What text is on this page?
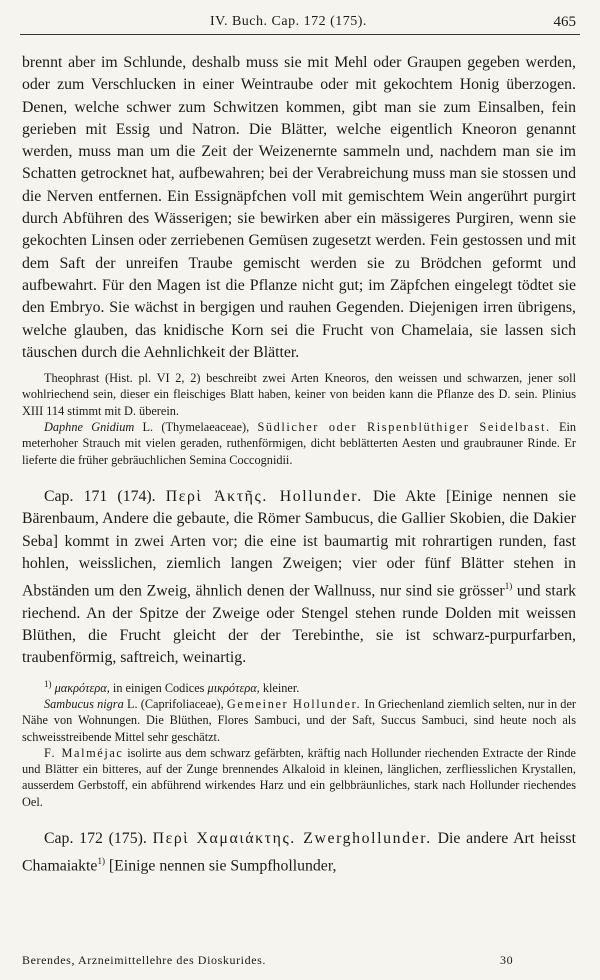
IV. Buch. Cap. 172 (175).	465

brennt aber im Schlunde, deshalb muss sie mit Mehl oder Graupen gegeben werden, oder zum Verschlucken in einer Weintraube oder mit gekochtem Honig überzogen. Denen, welche schwer zum Schwitzen kommen, gibt man sie zum Einsalben, fein gerieben mit Essig und Natron. Die Blätter, welche eigentlich Kneoron genannt werden, muss man um die Zeit der Weizenernte sammeln und, nachdem man sie im Schatten getrocknet hat, aufbewahren; bei der Verabreichung muss man sie stossen und die Nerven entfernen. Ein Essignäpfchen voll mit gemischtem Wein angerührt purgirt durch Abführen des Wässerigen; sie bewirken aber ein mässigeres Purgiren, wenn sie gekochten Linsen oder zerriebenen Gemüsen zugesetzt werden. Fein gestossen und mit dem Saft der unreifen Traube gemischt werden sie zu Brödchen geformt und aufbewahrt. Für den Magen ist die Pflanze nicht gut; im Zäpfchen eingelegt tödtet sie den Embryo. Sie wächst in bergigen und rauhen Gegenden. Diejenigen irren übrigens, welche glauben, das knidische Korn sei die Frucht von Chamelaia, sie lassen sich täuschen durch die Aehnlichkeit der Blätter.

Theophrast (Hist. pl. VI 2, 2) beschreibt zwei Arten Kneoros, den weissen und schwarzen, jener soll wohlriechend sein, dieser ein fleischiges Blatt haben, keiner von beiden kann die Pflanze des D. sein. Plinius XIII 114 stimmt mit D. überein.

Daphne Gnidium L. (Thymelaeaceae), Südlicher oder Rispenblüthiger Seidelbast. Ein meterhoher Strauch mit vielen geraden, ruthenförmigen, dicht beblätterten Aesten und graubrauner Rinde. Er lieferte die früher gebräuchlichen Semina Coccognidii.

Cap. 171 (174). Περὶ Ἀκτῆς. Hollunder. Die Akte [Einige nennen sie Bärenbaum, Andere die gebaute, die Römer Sambucus, die Gallier Skobien, die Dakier Seba] kommt in zwei Arten vor; die eine ist baumartig mit rohrartigen runden, fast hohlen, weisslichen, ziemlich langen Zweigen; vier oder fünf Blätter stehen in Abständen um den Zweig, ähnlich denen der Wallnuss, nur sind sie grösser$^{1)}$ und stark riechend. An der Spitze der Zweige oder Stengel stehen runde Dolden mit weissen Blüthen, die Frucht gleicht der der Terebinthe, sie ist schwarz-purpurfarben, traubenförmig, saftreich, weinartig.

$^{1)}$ μακρότερα, in einigen Codices μικρότερα, kleiner.

Sambucus nigra L. (Caprifoliaceae), Gemeiner Hollunder. In Griechenland ziemlich selten, nur in der Nähe von Wohnungen. Die Blüthen, Flores Sambuci, und der Saft, Succus Sambuci, sind heute noch als schweisstreibende Mittel sehr geschätzt.

F. Malméjac isolirte aus dem schwarz gefärbten, kräftig nach Hollunder riechenden Extracte der Rinde und Blätter ein bitteres, auf der Zunge brennendes Alkaloid in kleinen, länglichen, zerfliesslichen Krystallen, ausserdem Gerbstoff, ein abführend wirkendes Harz und ein gelbbräunliches, stark nach Hollunder riechendes Oel.

Cap. 172 (175). Περὶ Χαμαιάκτης. Zwerghollunder. Die andere Art heisst Chamaiakte$^{1)}$ [Einige nennen sie Sumpfhollunder,

Berendes, Arzneimittellehre des Dioskurides.	30
